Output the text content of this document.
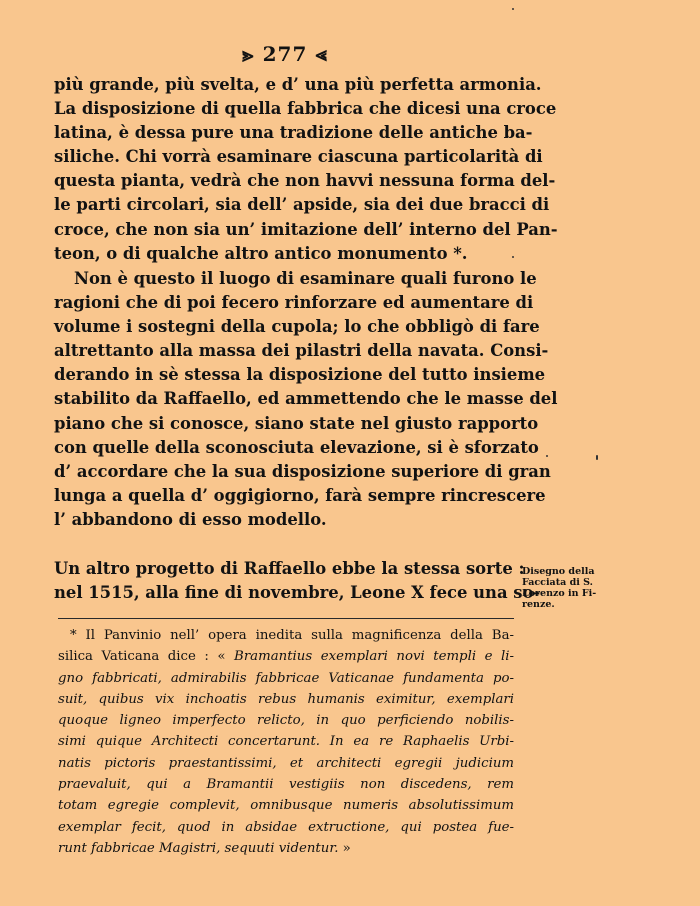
⪢ 277 ⪡
più grande, più svelta, e d’ una più perfetta armonia.
La disposizione di quella fabbrica che dicesi una croce
latina, è dessa pure una tradizione delle antiche ba-
siliche. Chi vorrà esaminare ciascuna particolarità di
questa pianta, vedrà che non havvi nessuna forma del-
le parti circolari, sia dell’ apside, sia dei due bracci di
croce, che non sia un’ imitazione dell’ interno del Pan-
teon, o di qualche altro antico monumento *.
Non è questo il luogo di esaminare quali furono le
ragioni che di poi fecero rinforzare ed aumentare di
volume i sostegni della cupola; lo che obbligò di fare
altrettanto alla massa dei pilastri della navata. Consi-
derando in sè stessa la disposizione del tutto insieme
stabilito da Raffaello, ed ammettendo che le masse del
piano che si conosce, siano state nel giusto rapporto
con quelle della sconosciuta elevazione, si è sforzato
d’ accordare che la sua disposizione superiore di gran
lunga a quella d’ oggigiorno, farà sempre rincrescere
l’ abbandono di esso modello.
Un altro progetto di Raffaello ebbe la stessa sorte :
nel 1515, alla fine di novembre, Leone X fece una so-
Disegno della
Facciata di S.
Lorenzo in Fi-
renze.
* Il Panvinio nell’ opera inedita sulla magnificenza della Ba-
silica Vaticana dice : « Bramantius exemplari novi templi e li-
gno fabbricati, admirabilis fabbricae Vaticanae fundamenta po-
suit, quibus vix inchoatis rebus humanis eximitur, exemplari
quoque ligneo imperfecto relicto, in quo perficiendo nobilis-
simi quique Architecti concertarunt. In ea re Raphaelis Urbi-
natis pictoris praestantissimi, et architecti egregii judicium
praevaluit, qui a Bramantii vestigiis non discedens, rem
totam egregie complevit, omnibusque numeris absolutissimum
exemplar fecit, quod in absidae extructione, qui postea fue-
runt fabbricae Magistri, sequuti videntur. »
